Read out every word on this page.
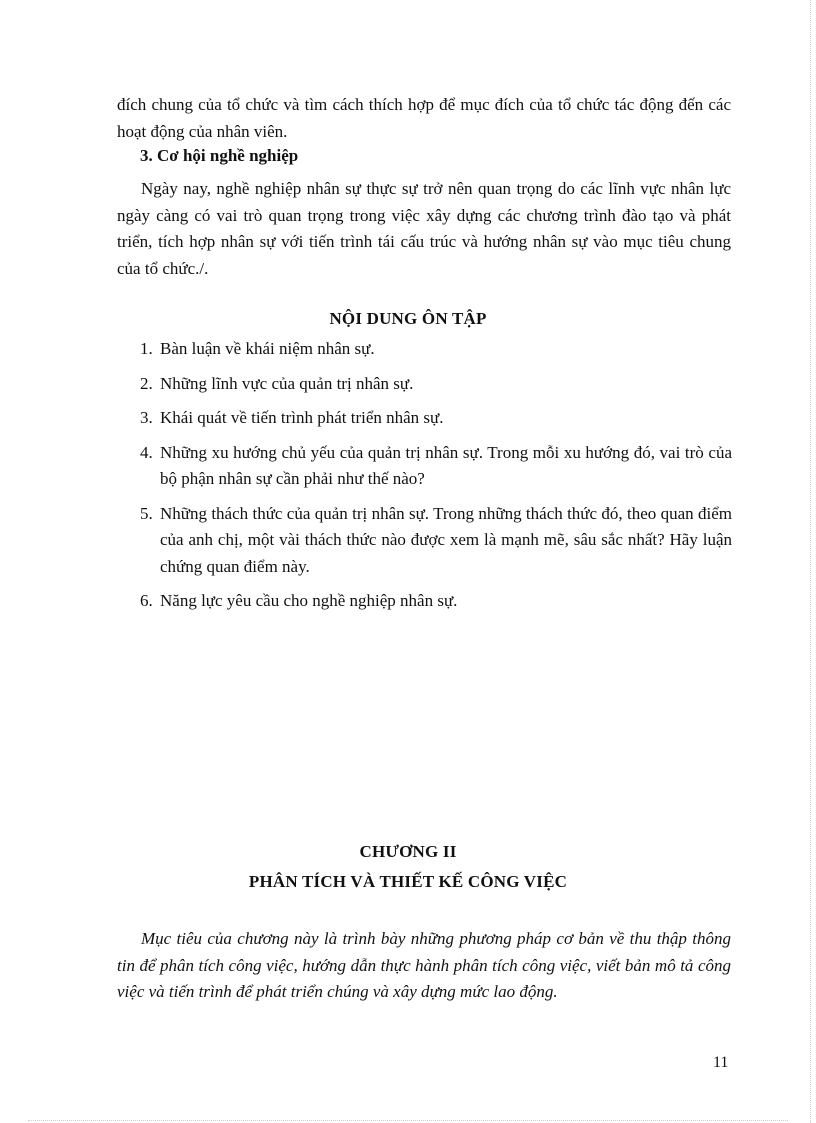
đích chung của tổ chức và tìm cách thích hợp để mục đích của tổ chức tác động đến các hoạt động của nhân viên.

3. Cơ hội nghề nghiệp

Ngày nay, nghề nghiệp nhân sự thực sự trở nên quan trọng do các lĩnh vực nhân lực ngày càng có vai trò quan trọng trong việc xây dựng các chương trình đào tạo và phát triển, tích hợp nhân sự với tiến trình tái cấu trúc và hướng nhân sự vào mục tiêu chung của tổ chức./.

NỘI DUNG ÔN TẬP
1. Bàn luận về khái niệm nhân sự.
2. Những lĩnh vực của quản trị nhân sự.
3. Khái quát về tiến trình phát triển nhân sự.
4. Những xu hướng chủ yếu của quản trị nhân sự. Trong mỗi xu hướng đó, vai trò của bộ phận nhân sự cần phải như thế nào?
5. Những thách thức của quản trị nhân sự. Trong những thách thức đó, theo quan điểm của anh chị, một vài thách thức nào được xem là mạnh mẽ, sâu sắc nhất? Hãy luận chứng quan điểm này.
6. Năng lực yêu cầu cho nghề nghiệp nhân sự.
CHƯƠNG II
PHÂN TÍCH VÀ THIẾT KẾ CÔNG VIỆC
Mục tiêu của chương này là trình bày những phương pháp cơ bản về thu thập thông tin để phân tích công việc, hướng dẫn thực hành phân tích công việc, viết bản mô tả công việc và tiến trình để phát triển chúng và xây dựng mức lao động.
11
